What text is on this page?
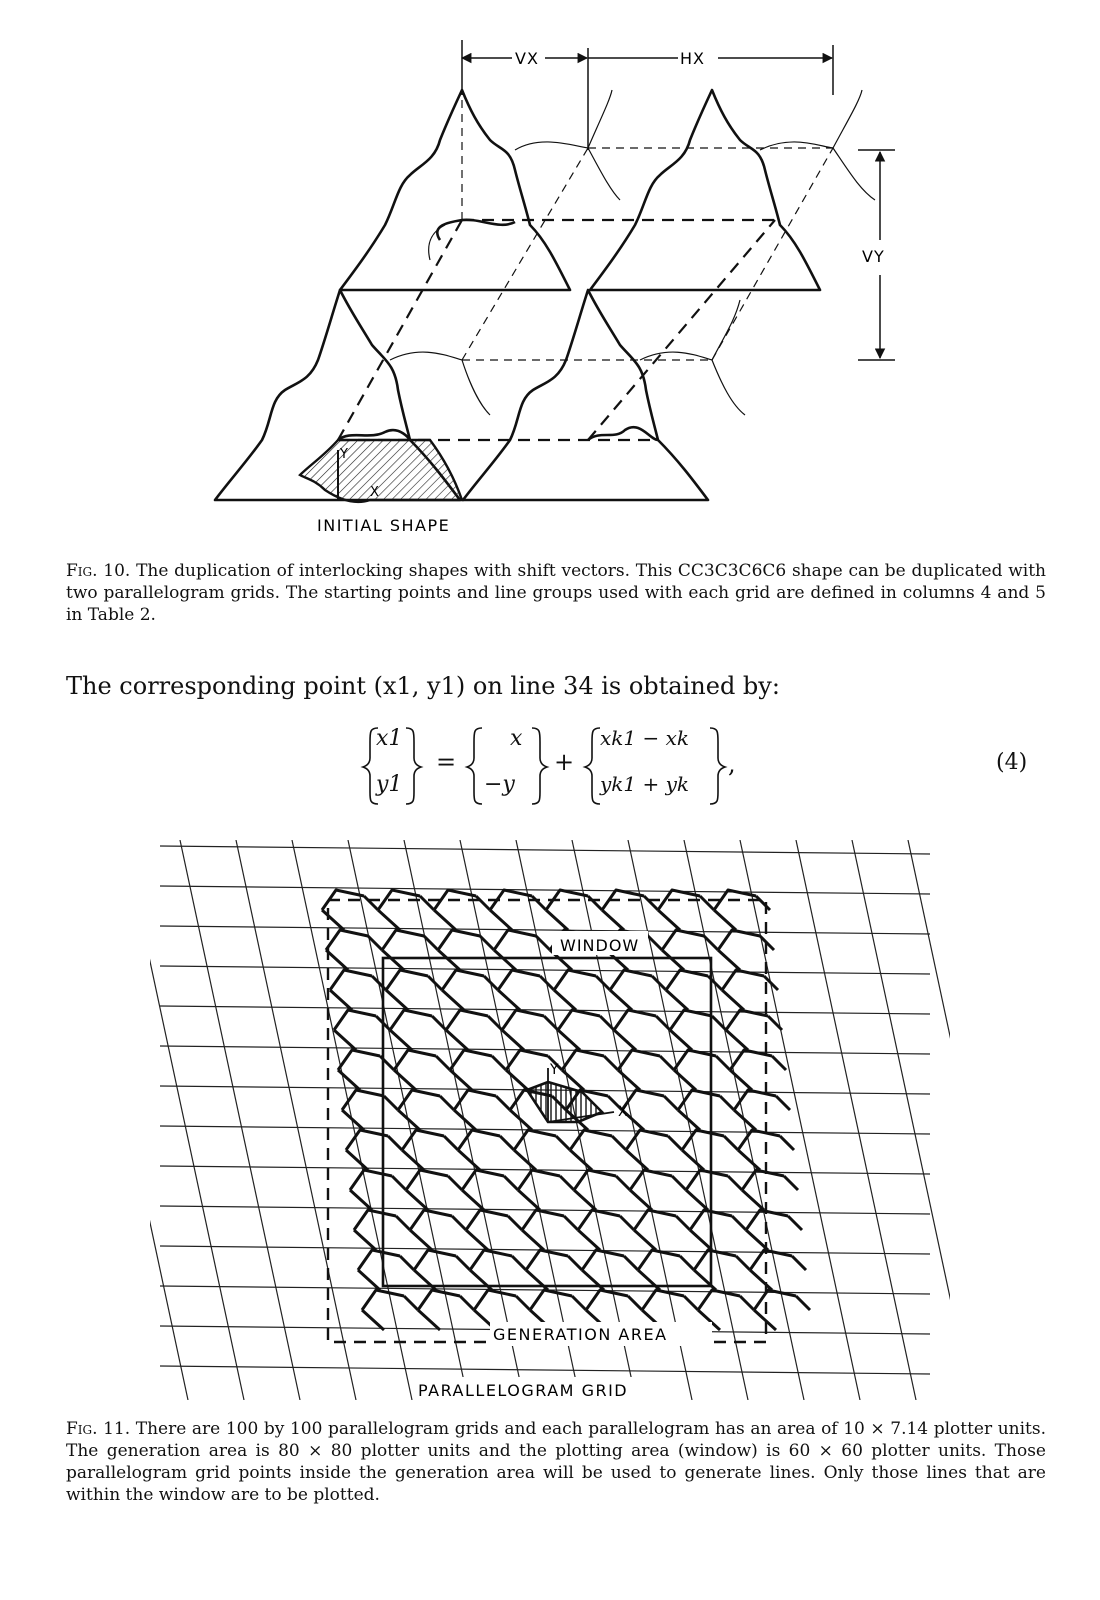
Y
X
VX	HX
VY
INITIAL SHAPE
Fig. 10. The duplication of interlocking shapes with shift vectors. This CC3C3C6C6 shape can be duplicated with two parallelogram grids. The starting points and line groups used with each grid are defined in columns 4 and 5 in Table 2.
The corresponding point (x1, y1) on line 34 is obtained by:
x1
y1
=
x
−y
+
xk1 − xk
yk1 + yk
,	(4)
WINDOW
GENERATION AREA
PARALLELOGRAM GRID
Y
X
Fig. 11. There are 100 by 100 parallelogram grids and each parallelogram has an area of 10 × 7.14 plotter units. The generation area is 80 × 80 plotter units and the plotting area (window) is 60 × 60 plotter units. Those parallelogram grid points inside the generation area will be used to generate lines. Only those lines that are within the window are to be plotted.
